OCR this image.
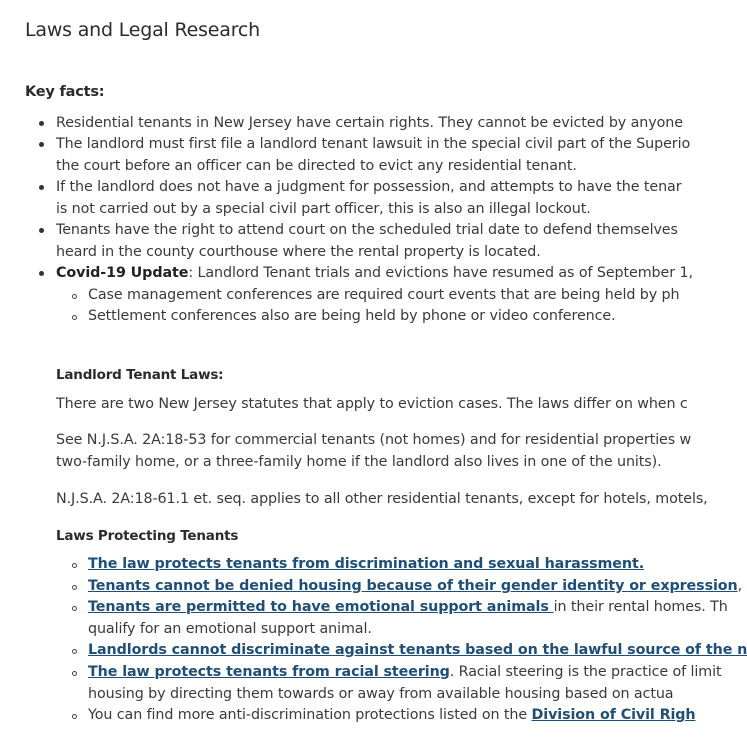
Laws and Legal Research
Key facts:
Residential tenants in New Jersey have certain rights. They cannot be evicted by anyone
The landlord must first file a landlord tenant lawsuit in the special civil part of the Superio
the court before an officer can be directed to evict any residential tenant.
If the landlord does not have a judgment for possession, and attempts to have the tenar
is not carried out by a special civil part officer, this is also an illegal lockout.
Tenants have the right to attend court on the scheduled trial date to defend themselves
heard in the county courthouse where the rental property is located.
Covid-19 Update: Landlord Tenant trials and evictions have resumed as of September 1,
Case management conferences are required court events that are being held by ph
Settlement conferences also are being held by phone or video conference.
Landlord Tenant Laws:
There are two New Jersey statutes that apply to eviction cases. The laws differ on when c
See N.J.S.A. 2A:18-53 for commercial tenants (not homes) and for residential properties w
two-family home, or a three-family home if the landlord also lives in one of the units).
N.J.S.A. 2A:18-61.1 et. seq. applies to all other residential tenants, except for hotels, motels,
Laws Protecting Tenants
The law protects tenants from discrimination and sexual harassment.
Tenants cannot be denied housing because of their gender identity or expression,
Tenants are permitted to have emotional support animals in their rental homes. Th
qualify for an emotional support animal.
Landlords cannot discriminate against tenants based on the lawful source of the n
The law protects tenants from racial steering. Racial steering is the practice of limit
housing by directing them towards or away from available housing based on actua
You can find more anti-discrimination protections listed on the Division of Civil Righ
